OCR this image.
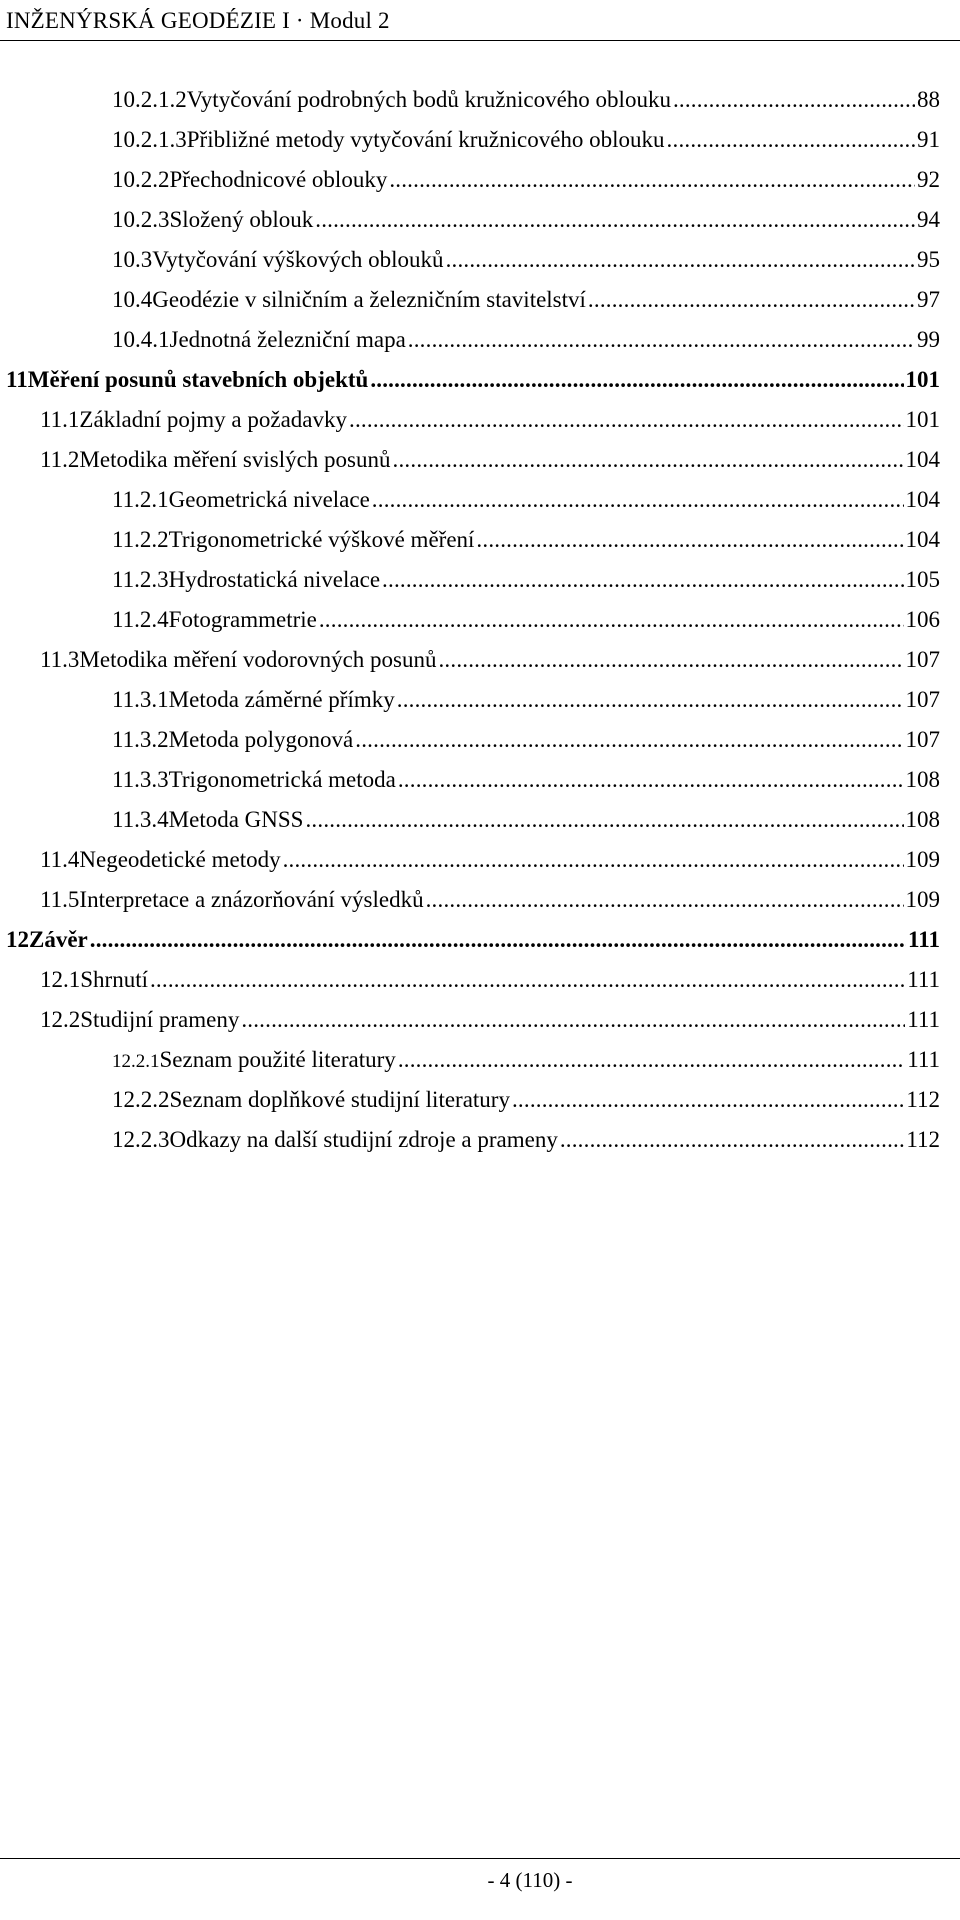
INŽENÝRSKÁ GEODÉZIE I · Modul 2
10.2.1.2 Vytyčování podrobných bodů kružnicového oblouku .....	88
10.2.1.3 Přibližné metody vytyčování kružnicového oblouku .....	91
10.2.2 Přechodnicové oblouky .....	92
10.2.3 Složený oblouk .....	94
10.3 Vytyčování výškových oblouků .....	95
10.4 Geodézie v silničním a železničním stavitelství .....	97
10.4.1 Jednotná železniční mapa .....	99
11 Měření posunů stavebních objektů .....	101
11.1 Základní pojmy a požadavky .....	101
11.2 Metodika měření svislých posunů .....	104
11.2.1 Geometrická nivelace .....	104
11.2.2 Trigonometrické výškové měření .....	104
11.2.3 Hydrostatická nivelace .....	105
11.2.4 Fotogrammetrie .....	106
11.3 Metodika měření vodorovných posunů .....	107
11.3.1 Metoda záměrné přímky .....	107
11.3.2 Metoda polygonová .....	107
11.3.3 Trigonometrická metoda .....	108
11.3.4 Metoda GNSS .....	108
11.4 Negeodetické metody .....	109
11.5 Interpretace a znázorňování výsledků .....	109
12 Závěr .....	111
12.1 Shrnutí .....	111
12.2 Studijní prameny .....	111
12.2.1 Seznam použité literatury .....	111
12.2.2 Seznam doplňkové studijní literatury .....	112
12.2.3 Odkazy na další studijní zdroje a prameny .....	112
- 4 (110) -
